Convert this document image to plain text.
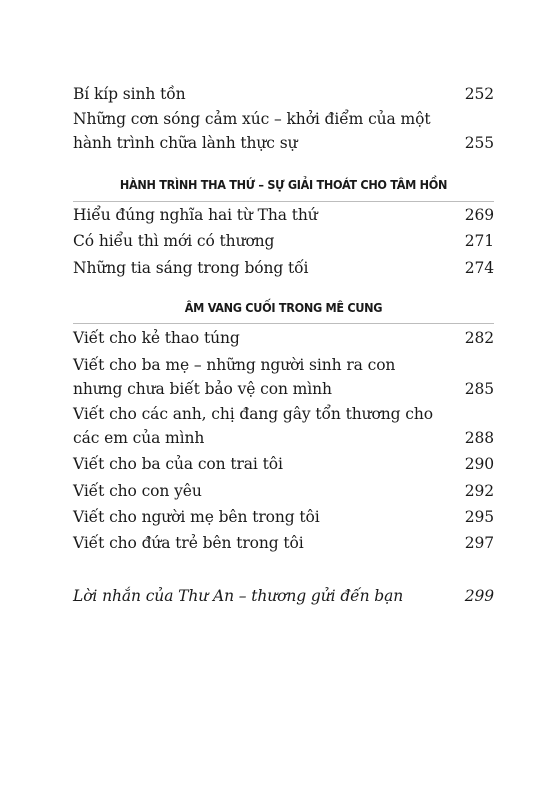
Bí kíp sinh tồn	252
Những cơn sóng cảm xúc – khởi điểm của một hành trình chữa lành thực sự	255
HÀNH TRÌNH THA THỨ – SỰ GIẢI THOÁT CHO TÂM HỒN
Hiểu đúng nghĩa hai từ Tha thứ	269
Có hiểu thì mới có thương	271
Những tia sáng trong bóng tối	274
ÂM VANG CUỐI TRONG MÊ CUNG
Viết cho kẻ thao túng	282
Viết cho ba mẹ – những người sinh ra con nhưng chưa biết bảo vệ con mình	285
Viết cho các anh, chị đang gây tổn thương cho các em của mình	288
Viết cho ba của con trai tôi	290
Viết cho con yêu	292
Viết cho người mẹ bên trong tôi	295
Viết cho đứa trẻ bên trong tôi	297
Lời nhắn của Thư An – thương gửi đến bạn	299
